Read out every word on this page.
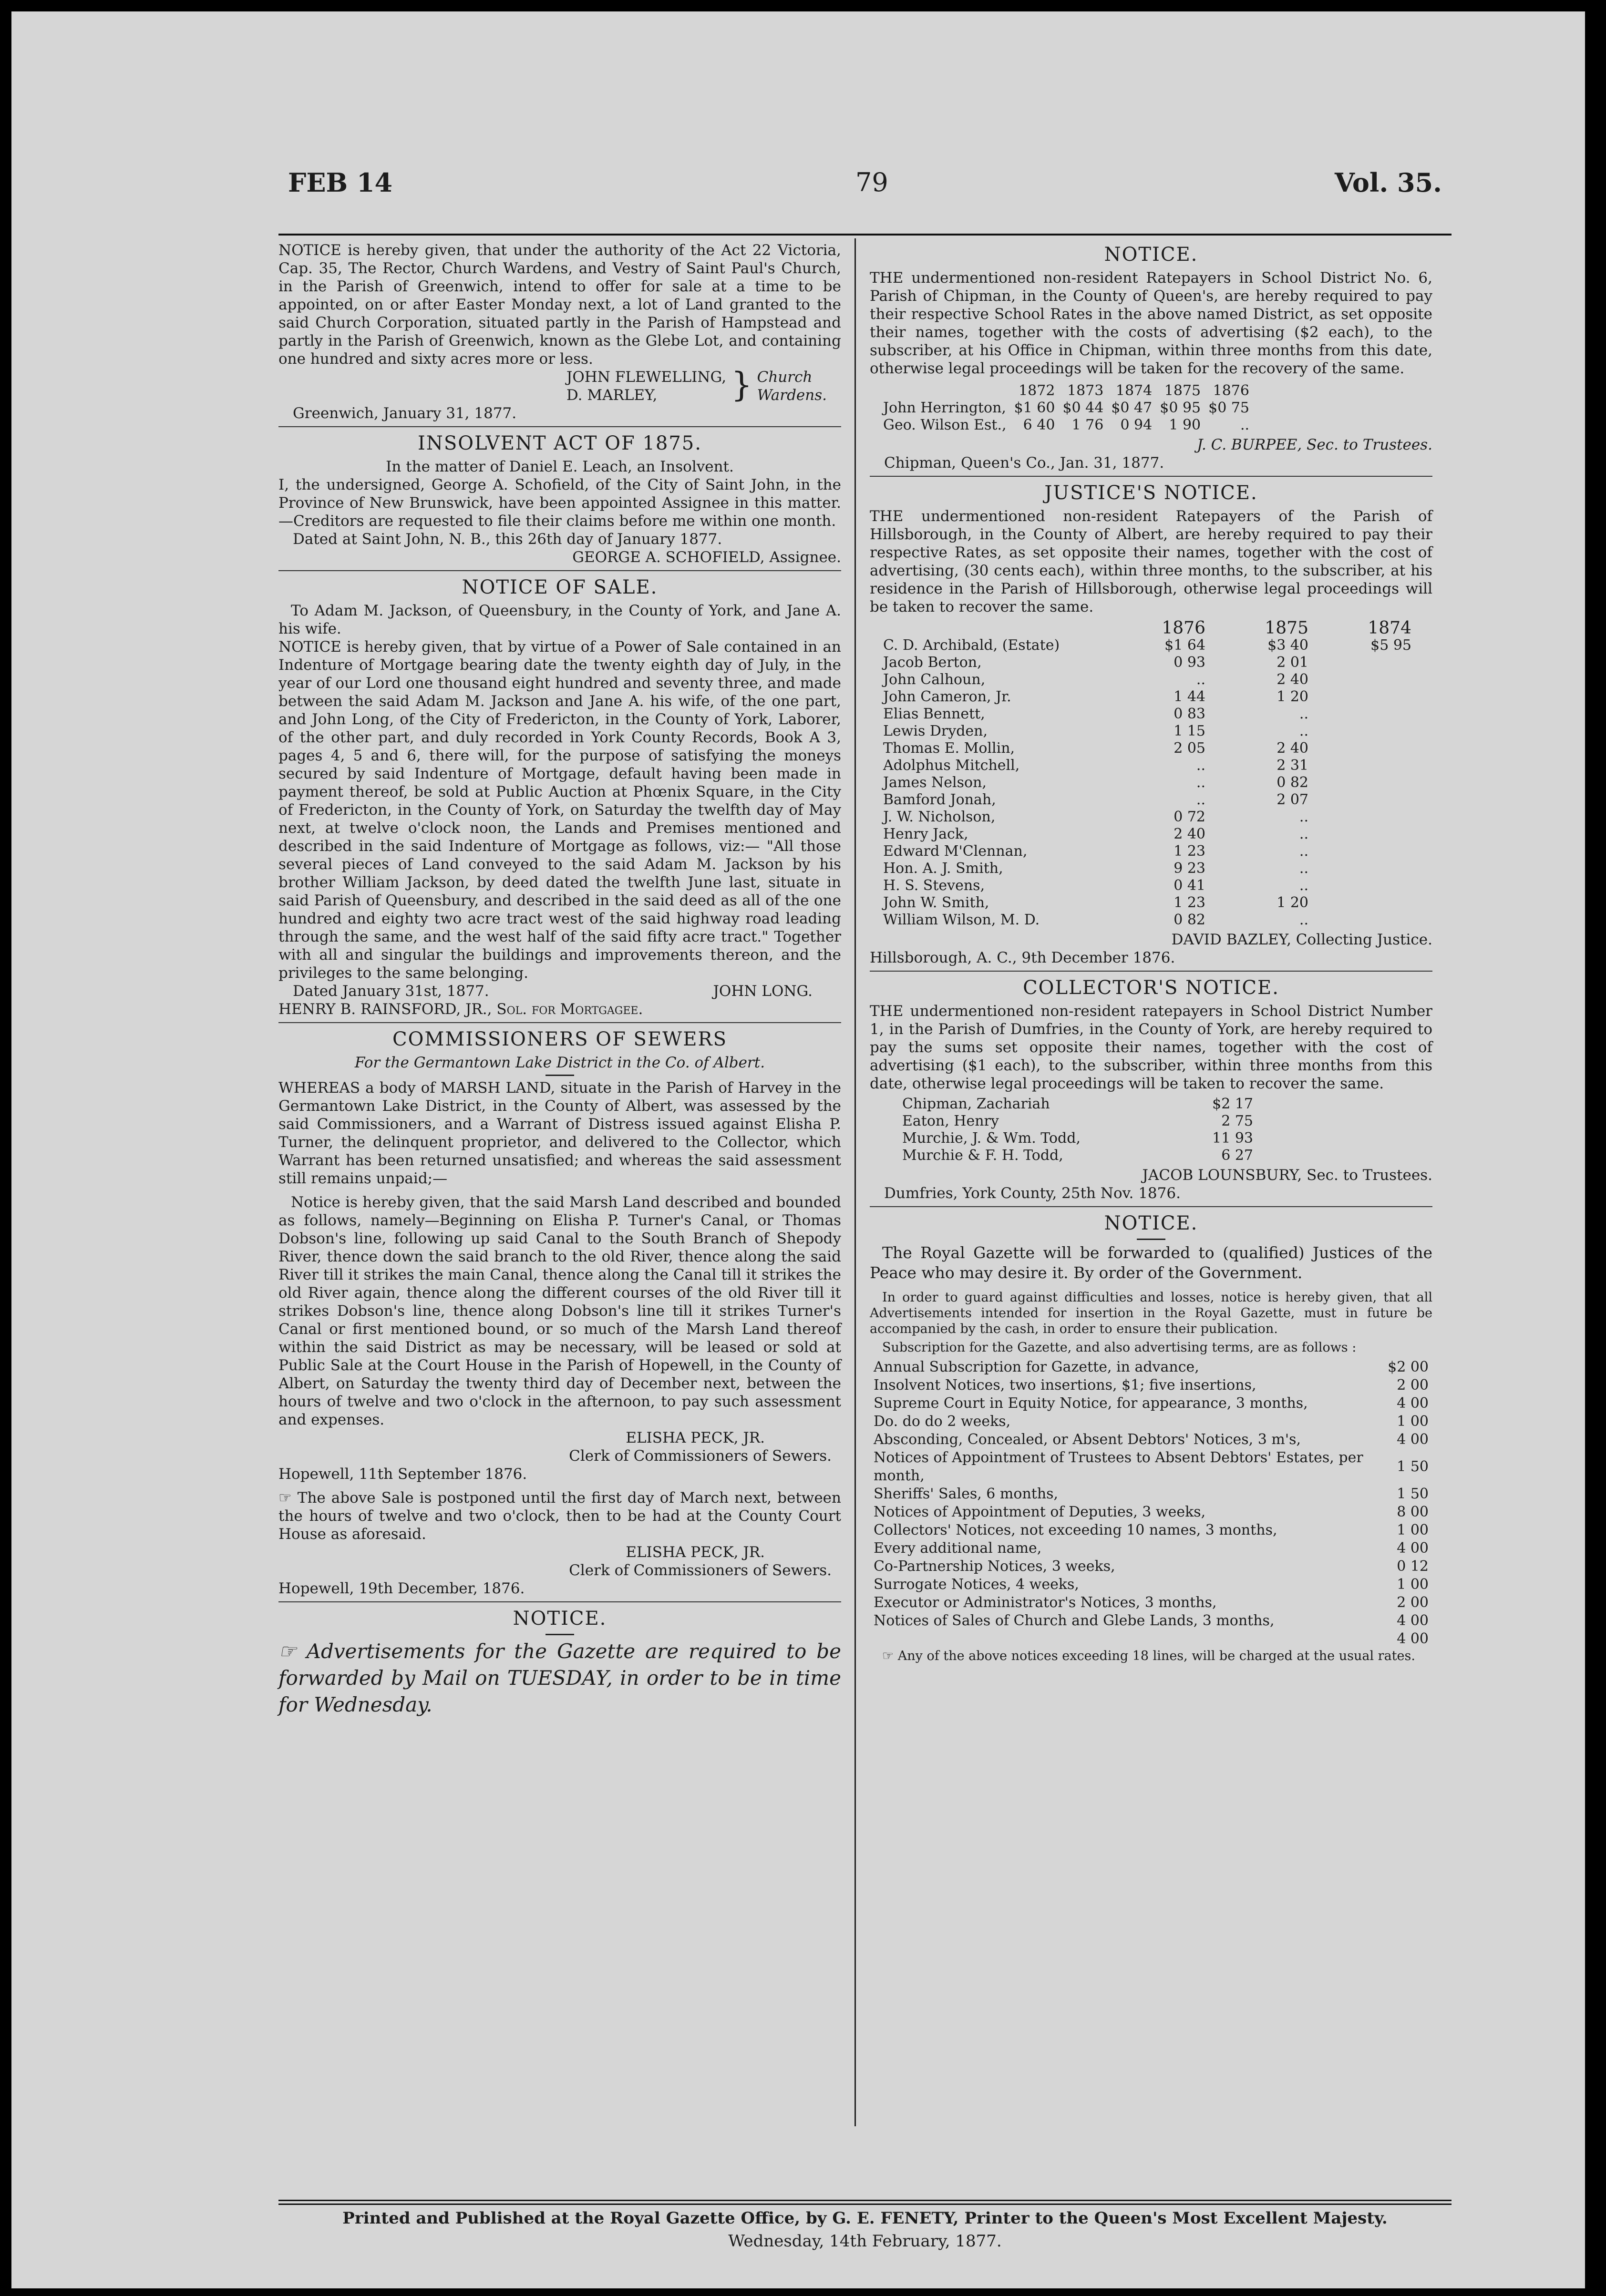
FEB 14	79	Vol. 35.

NOTICE is hereby given, that under the authority of the Act 22 Victoria, Cap. 35, The Rector, Church Wardens, and Vestry of Saint Paul's Church, in the Parish of Greenwich, intend to offer for sale at a time to be appointed, on or after Easter Monday next, a lot of Land granted to the said Church Corporation, situated partly in the Parish of Hampstead and partly in the Parish of Greenwich, known as the Glebe Lot, and containing one hundred and sixty acres more or less.

JOHN FLEWELLING,
D. MARLEY,	} Church
Wardens.
Greenwich, January 31, 1877.
INSOLVENT ACT OF 1875.
In the matter of Daniel E. Leach, an Insolvent.

I, the undersigned, George A. Schofield, of the City of Saint John, in the Province of New Brunswick, have been appointed Assignee in this matter.—Creditors are requested to file their claims before me within one month.

Dated at Saint John, N. B., this 26th day of January 1877.
GEORGE A. SCHOFIELD, Assignee.
NOTICE OF SALE.

To Adam M. Jackson, of Queensbury, in the County of York, and Jane A. his wife.

NOTICE is hereby given, that by virtue of a Power of Sale contained in an Indenture of Mortgage bearing date the twenty eighth day of July, in the year of our Lord one thousand eight hundred and seventy three, and made between the said Adam M. Jackson and Jane A. his wife, of the one part, and John Long, of the City of Fredericton, in the County of York, Laborer, of the other part, and duly recorded in York County Records, Book A 3, pages 4, 5 and 6, there will, for the purpose of satisfying the moneys secured by said Indenture of Mortgage, default having been made in payment thereof, be sold at Public Auction at Phœnix Square, in the City of Fredericton, in the County of York, on Saturday the twelfth day of May next, at twelve o'clock noon, the Lands and Premises mentioned and described in the said Indenture of Mortgage as follows, viz:— "All those several pieces of Land conveyed to the said Adam M. Jackson by his brother William Jackson, by deed dated the twelfth June last, situate in said Parish of Queensbury, and described in the said deed as all of the one hundred and eighty two acre tract west of the said highway road leading through the same, and the west half of the said fifty acre tract." Together with all and singular the buildings and improvements thereon, and the privileges to the same belonging.

Dated January 31st, 1877.	JOHN LONG.
HENRY B. RAINSFORD, JR., Sol. for Mortgagee.
COMMISSIONERS OF SEWERS
For the Germantown Lake District in the Co. of Albert.

WHEREAS a body of MARSH LAND, situate in the Parish of Harvey in the Germantown Lake District, in the County of Albert, was assessed by the said Commissioners, and a Warrant of Distress issued against Elisha P. Turner, the delinquent proprietor, and delivered to the Collector, which Warrant has been returned unsatisfied; and whereas the said assessment still remains unpaid;—

Notice is hereby given, that the said Marsh Land described and bounded as follows, namely—Beginning on Elisha P. Turner's Canal, or Thomas Dobson's line, following up said Canal to the South Branch of Shepody River, thence down the said branch to the old River, thence along the said River till it strikes the main Canal, thence along the Canal till it strikes the old River again, thence along the different courses of the old River till it strikes Dobson's line, thence along Dobson's line till it strikes Turner's Canal or first mentioned bound, or so much of the Marsh Land thereof within the said District as may be necessary, will be leased or sold at Public Sale at the Court House in the Parish of Hopewell, in the County of Albert, on Saturday the twenty third day of December next, between the hours of twelve and two o'clock in the afternoon, to pay such assessment and expenses.

ELISHA PECK, JR.
Clerk of Commissioners of Sewers.
Hopewell, 11th September 1876.

☞ The above Sale is postponed until the first day of March next, between the hours of twelve and two o'clock, then to be had at the County Court House as aforesaid.

ELISHA PECK, JR.
Clerk of Commissioners of Sewers.
Hopewell, 19th December, 1876.
NOTICE.

☞ Advertisements for the Gazette are required to be forwarded by Mail on TUESDAY, in order to be in time for Wednesday.

NOTICE.

THE undermentioned non-resident Ratepayers in School District No. 6, Parish of Chipman, in the County of Queen's, are hereby required to pay their respective School Rates in the above named District, as set opposite their names, together with the costs of advertising ($2 each), to the subscriber, at his Office in Chipman, within three months from this date, otherwise legal proceedings will be taken for the recovery of the same.

	1872	1873	1874	1875	1876
John Herrington,	$1 60	$0 44	$0 47	$0 95	$0 75
Geo. Wilson Est.,	6 40	1 76	0 94	1 90	..
J. C. BURPEE, Sec. to Trustees.
Chipman, Queen's Co., Jan. 31, 1877.
JUSTICE'S NOTICE.

THE undermentioned non-resident Ratepayers of the Parish of Hillsborough, in the County of Albert, are hereby required to pay their respective Rates, as set opposite their names, together with the cost of advertising, (30 cents each), within three months, to the subscriber, at his residence in the Parish of Hillsborough, otherwise legal proceedings will be taken to recover the same.

	1876	1875	1874
C. D. Archibald, (Estate)	$1 64	$3 40	$5 95
Jacob Berton,	0 93	2 01	
John Calhoun,	..	2 40	
John Cameron, Jr.	1 44	1 20	
Elias Bennett,	0 83	..	
Lewis Dryden,	1 15	..	
Thomas E. Mollin,	2 05	2 40	
Adolphus Mitchell,	..	2 31	
James Nelson,	..	0 82	
Bamford Jonah,	..	2 07	
J. W. Nicholson,	0 72	..	
Henry Jack,	2 40	..	
Edward M'Clennan,	1 23	..	
Hon. A. J. Smith,	9 23	..	
H. S. Stevens,	0 41	..	
John W. Smith,	1 23	1 20	
William Wilson, M. D.	0 82	..	
DAVID BAZLEY, Collecting Justice.
Hillsborough, A. C., 9th December 1876.
COLLECTOR'S NOTICE.

THE undermentioned non-resident ratepayers in School District Number 1, in the Parish of Dumfries, in the County of York, are hereby required to pay the sums set opposite their names, together with the cost of advertising ($1 each), to the subscriber, within three months from this date, otherwise legal proceedings will be taken to recover the same.

Chipman, Zachariah	$2 17
Eaton, Henry	2 75
Murchie, J. & Wm. Todd,	11 93
Murchie & F. H. Todd,	6 27
JACOB LOUNSBURY, Sec. to Trustees.
Dumfries, York County, 25th Nov. 1876.
NOTICE.

The Royal Gazette will be forwarded to (qualified) Justices of the Peace who may desire it. By order of the Government.

In order to guard against difficulties and losses, notice is hereby given, that all Advertisements intended for insertion in the Royal Gazette, must in future be accompanied by the cash, in order to ensure their publication.

Subscription for the Gazette, and also advertising terms, are as follows :

Annual Subscription for Gazette, in advance,	$2 00
Insolvent Notices, two insertions, $1; five insertions,	2 00
Supreme Court in Equity Notice, for appearance, 3 months,	4 00
Do. do do 2 weeks,	1 00
Absconding, Concealed, or Absent Debtors' Notices, 3 m's,	4 00
Notices of Appointment of Trustees to Absent Debtors' Estates, per month,	1 50
Sheriffs' Sales, 6 months,	1 50
Notices of Appointment of Deputies, 3 weeks,	8 00
Collectors' Notices, not exceeding 10 names, 3 months,	1 00
Every additional name,	4 00
Co-Partnership Notices, 3 weeks,	0 12
Surrogate Notices, 4 weeks,	1 00
Executor or Administrator's Notices, 3 months,	2 00
Notices of Sales of Church and Glebe Lands, 3 months,	4 00
4 00

☞ Any of the above notices exceeding 18 lines, will be charged at the usual rates.

Printed and Published at the Royal Gazette Office, by G. E. FENETY, Printer to the Queen's Most Excellent Majesty.
Wednesday, 14th February, 1877.
